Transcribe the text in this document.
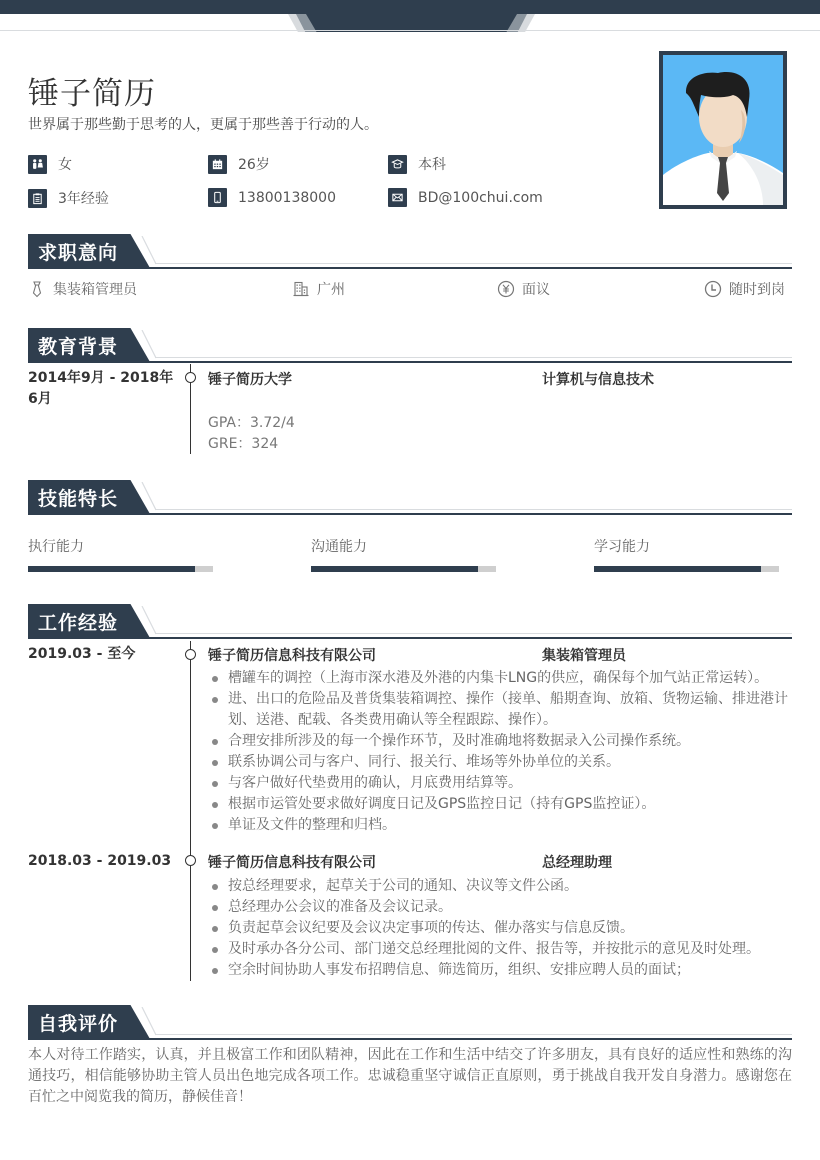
锤子简历
世界属于那些勤于思考的人，更属于那些善于行动的人。
女	26岁	本科
3年经验	13800138000	BD@100chui.com
求职意向
集装箱管理员	广州	面议	随时到岗
教育背景
2014年9月 - 2018年6月
锤子简历大学	计算机与信息技术
GPA：3.72/4
GRE：324
技能特长
执行能力	沟通能力	学习能力
工作经验
2019.03 - 至今	锤子简历信息科技有限公司	集装箱管理员
槽罐车的调控（上海市深水港及外港的内集卡LNG的供应，确保每个加气站正常运转）。
进、出口的危险品及普货集装箱调控、操作（接单、船期查询、放箱、货物运输、排进港计划、送港、配载、各类费用确认等全程跟踪、操作）。
合理安排所涉及的每一个操作环节，及时准确地将数据录入公司操作系统。
联系协调公司与客户、同行、报关行、堆场等外协单位的关系。
与客户做好代垫费用的确认，月底费用结算等。
根据市运管处要求做好调度日记及GPS监控日记（持有GPS监控证）。
单证及文件的整理和归档。
2018.03 - 2019.03	锤子简历信息科技有限公司	总经理助理
按总经理要求，起草关于公司的通知、决议等文件公函。
总经理办公会议的准备及会议记录。
负责起草会议纪要及会议决定事项的传达、催办落实与信息反馈。
及时承办各分公司、部门递交总经理批阅的文件、报告等，并按批示的意见及时处理。
空余时间协助人事发布招聘信息、筛选简历，组织、安排应聘人员的面试；
自我评价
本人对待工作踏实，认真，并且极富工作和团队精神，因此在工作和生活中结交了许多朋友，具有良好的适应性和熟练的沟通技巧，相信能够协助主管人员出色地完成各项工作。忠诚稳重坚守诚信正直原则，勇于挑战自我开发自身潜力。感谢您在百忙之中阅览我的简历，静候佳音！
